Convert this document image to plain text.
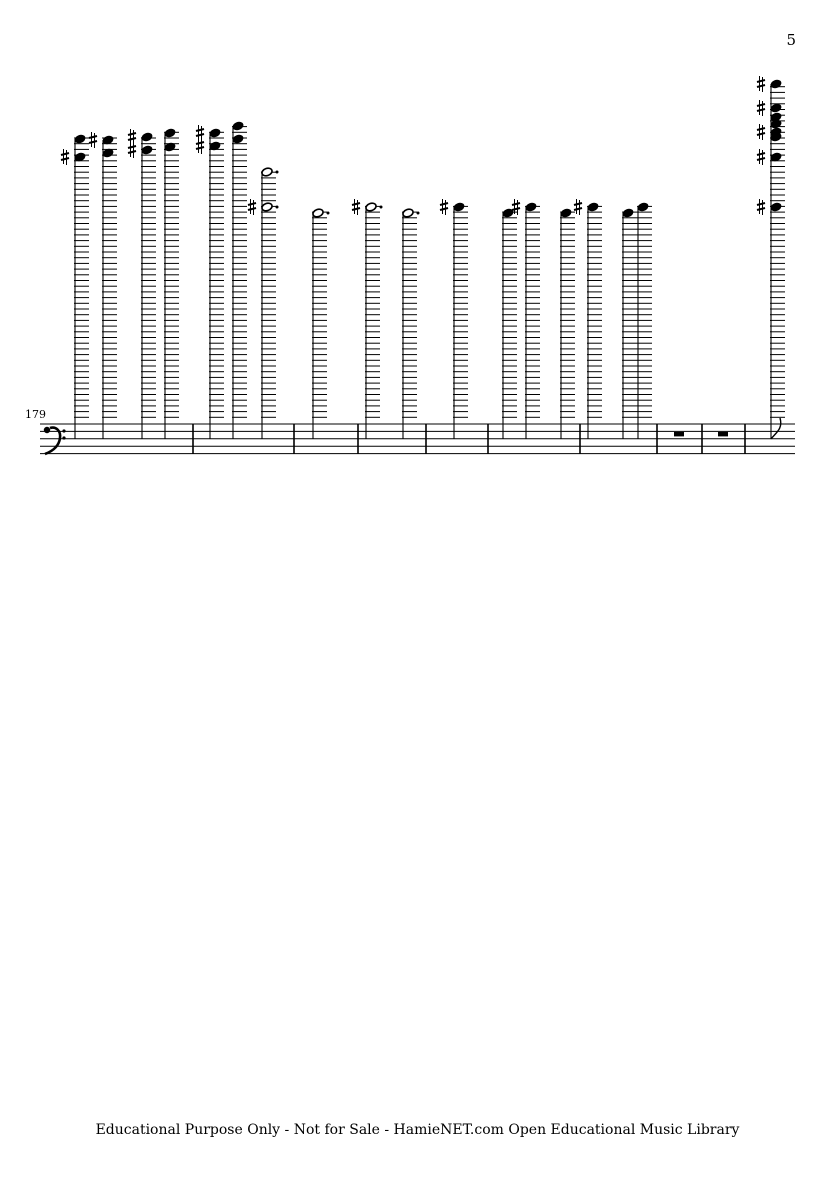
5
179
Educational Purpose Only - Not for Sale - HamieNET.com Open Educational Music Library
